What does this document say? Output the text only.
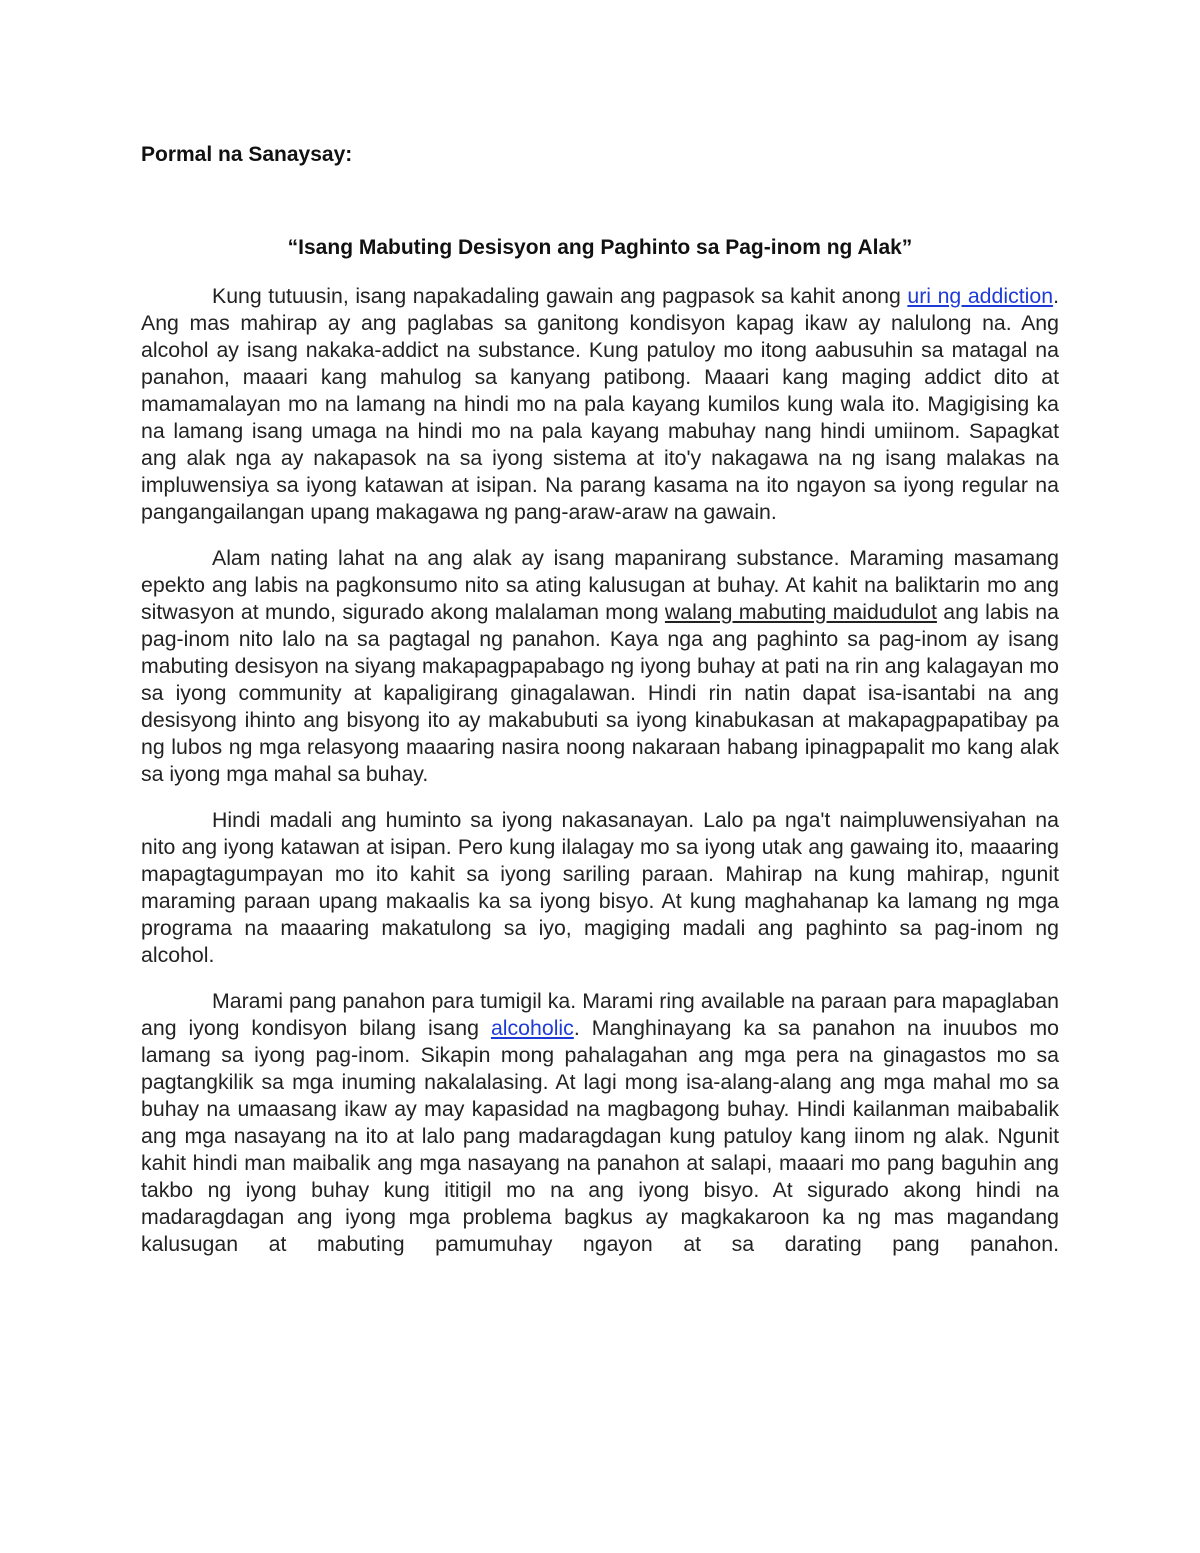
Pormal na Sanaysay:

“Isang Mabuting Desisyon ang Paghinto sa Pag-inom ng Alak”

Kung tutuusin, isang napakadaling gawain ang pagpasok sa kahit anong uri ng addiction. Ang mas mahirap ay ang paglabas sa ganitong kondisyon kapag ikaw ay nalulong na. Ang alcohol ay isang nakaka-addict na substance. Kung patuloy mo itong aabusuhin sa matagal na panahon, maaari kang mahulog sa kanyang patibong. Maaari kang maging addict dito at mamamalayan mo na lamang na hindi mo na pala kayang kumilos kung wala ito. Magigising ka na lamang isang umaga na hindi mo na pala kayang mabuhay nang hindi umiinom. Sapagkat ang alak nga ay nakapasok na sa iyong sistema at ito'y nakagawa na ng isang malakas na impluwensiya sa iyong katawan at isipan. Na parang kasama na ito ngayon sa iyong regular na pangangailangan upang makagawa ng pang-araw-araw na gawain.

Alam nating lahat na ang alak ay isang mapanirang substance. Maraming masamang epekto ang labis na pagkonsumo nito sa ating kalusugan at buhay. At kahit na baliktarin mo ang sitwasyon at mundo, sigurado akong malalaman mong walang mabuting maidudulot ang labis na pag-inom nito lalo na sa pagtagal ng panahon. Kaya nga ang paghinto sa pag-inom ay isang mabuting desisyon na siyang makapagpapabago ng iyong buhay at pati na rin ang kalagayan mo sa iyong community at kapaligirang ginagalawan. Hindi rin natin dapat isa-isantabi na ang desisyong ihinto ang bisyong ito ay makabubuti sa iyong kinabukasan at makapagpapatibay pa ng lubos ng mga relasyong maaaring nasira noong nakaraan habang ipinagpapalit mo kang alak sa iyong mga mahal sa buhay.

Hindi madali ang huminto sa iyong nakasanayan. Lalo pa nga't naimpluwensiyahan na nito ang iyong katawan at isipan. Pero kung ilalagay mo sa iyong utak ang gawaing ito, maaaring mapagtagumpayan mo ito kahit sa iyong sariling paraan. Mahirap na kung mahirap, ngunit maraming paraan upang makaalis ka sa iyong bisyo. At kung maghahanap ka lamang ng mga programa na maaaring makatulong sa iyo, magiging madali ang paghinto sa pag-inom ng alcohol.

Marami pang panahon para tumigil ka. Marami ring available na paraan para mapaglaban ang iyong kondisyon bilang isang alcoholic. Manghinayang ka sa panahon na inuubos mo lamang sa iyong pag-inom. Sikapin mong pahalagahan ang mga pera na ginagastos mo sa pagtangkilik sa mga inuming nakalalasing. At lagi mong isa-alang-alang ang mga mahal mo sa buhay na umaasang ikaw ay may kapasidad na magbagong buhay. Hindi kailanman maibabalik ang mga nasayang na ito at lalo pang madaragdagan kung patuloy kang iinom ng alak. Ngunit kahit hindi man maibalik ang mga nasayang na panahon at salapi, maaari mo pang baguhin ang takbo ng iyong buhay kung ititigil mo na ang iyong bisyo. At sigurado akong hindi na madaragdagan ang iyong mga problema bagkus ay magkakaroon ka ng mas magandang kalusugan at mabuting pamumuhay ngayon at sa darating pang panahon.
